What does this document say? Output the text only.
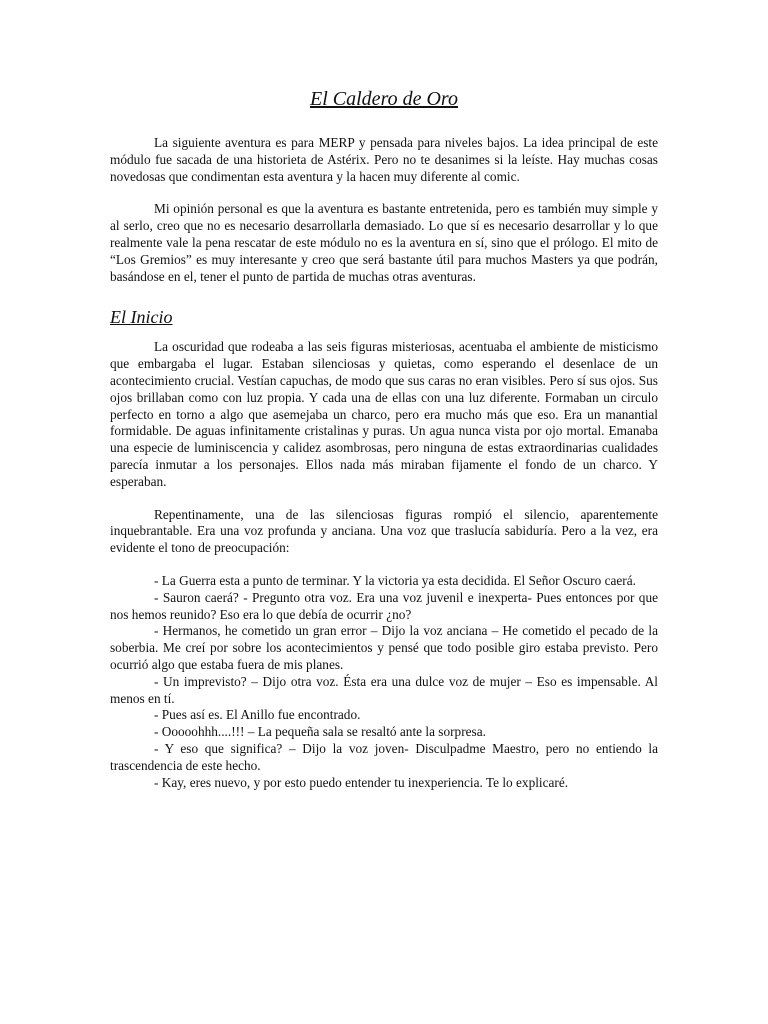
El Caldero de Oro

La siguiente aventura es para MERP y pensada para niveles bajos. La idea principal de este módulo fue sacada de una historieta de Astérix. Pero no te desanimes si la leíste. Hay muchas cosas novedosas que condimentan esta aventura y la hacen muy diferente al comic.

Mi opinión personal es que la aventura es bastante entretenida, pero es también muy simple y al serlo, creo que no es necesario desarrollarla demasiado. Lo que sí es necesario desarrollar y lo que realmente vale la pena rescatar de este módulo no es la aventura en sí, sino que el prólogo. El mito de “Los Gremios” es muy interesante y creo que será bastante útil para muchos Masters ya que podrán, basándose en el, tener el punto de partida de muchas otras aventuras.

El Inicio

La oscuridad que rodeaba a las seis figuras misteriosas, acentuaba el ambiente de misticismo que embargaba el lugar. Estaban silenciosas y quietas, como esperando el desenlace de un acontecimiento crucial. Vestían capuchas, de modo que sus caras no eran visibles. Pero sí sus ojos. Sus ojos brillaban como con luz propia. Y cada una de ellas con una luz diferente. Formaban un circulo perfecto en torno a algo que asemejaba un charco, pero era mucho más que eso. Era un manantial formidable. De aguas infinitamente cristalinas y puras. Un agua nunca vista por ojo mortal. Emanaba una especie de luminiscencia y calidez asombrosas, pero ninguna de estas extraordinarias cualidades parecía inmutar a los personajes. Ellos nada más miraban fijamente el fondo de un charco. Y esperaban.

Repentinamente, una de las silenciosas figuras rompió el silencio, aparentemente inquebrantable. Era una voz profunda y anciana. Una voz que traslucía sabiduría. Pero a la vez, era evidente el tono de preocupación:

- La Guerra esta a punto de terminar. Y la victoria ya esta decidida. El Señor Oscuro caerá.

- Sauron caerá? - Pregunto otra voz. Era una voz juvenil e inexperta- Pues entonces por que nos hemos reunido? Eso era lo que debía de ocurrir ¿no?

- Hermanos, he cometido un gran error – Dijo la voz anciana – He cometido el pecado de la soberbia. Me creí por sobre los acontecimientos y pensé que todo posible giro estaba previsto. Pero ocurrió algo que estaba fuera de mis planes.

- Un imprevisto? – Dijo otra voz. Ésta era una dulce voz de mujer – Eso es impensable. Al menos en tí.

- Pues así es. El Anillo fue encontrado.

- Ooooohhh....!!! – La pequeña sala se resaltó ante la sorpresa.

- Y eso que significa? – Dijo la voz joven- Disculpadme Maestro, pero no entiendo la trascendencia de este hecho.

- Kay, eres nuevo, y por esto puedo entender tu inexperiencia. Te lo explicaré.
